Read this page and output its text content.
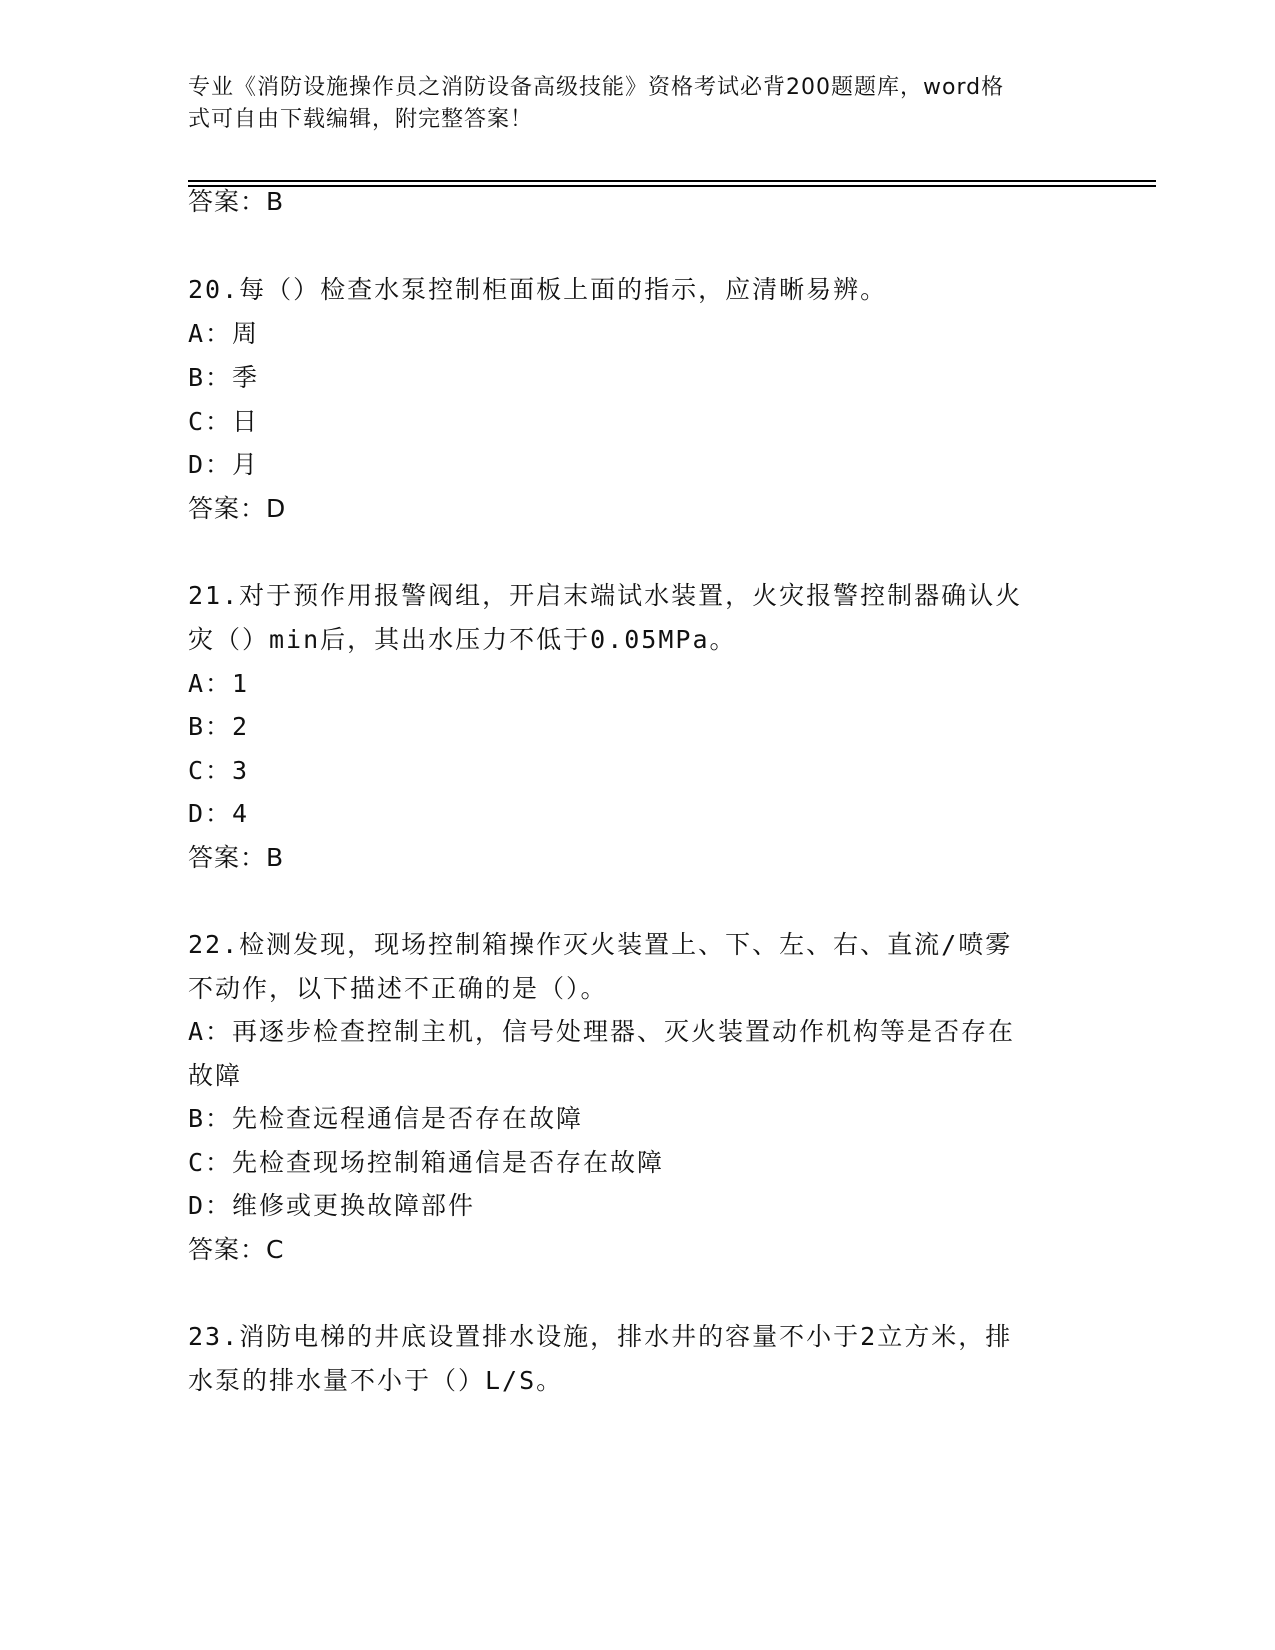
专业《消防设施操作员之消防设备高级技能》资格考试必背200题题库，word格
式可自由下载编辑，附完整答案！
答案：B
20.每（）检查水泵控制柜面板上面的指示，应清晰易辨。
A：周
B：季
C：日
D：月
答案：D
21.对于预作用报警阀组，开启末端试水装置，火灾报警控制器确认火
灾（）min后，其出水压力不低于0.05MPa。
A：1
B：2
C：3
D：4
答案：B
22.检测发现，现场控制箱操作灭火装置上、下、左、右、直流/喷雾
不动作，以下描述不正确的是（）。
A：再逐步检查控制主机，信号处理器、灭火装置动作机构等是否存在
故障
B：先检查远程通信是否存在故障
C：先检查现场控制箱通信是否存在故障
D：维修或更换故障部件
答案：C
23.消防电梯的井底设置排水设施，排水井的容量不小于2立方米，排
水泵的排水量不小于（）L/S。
